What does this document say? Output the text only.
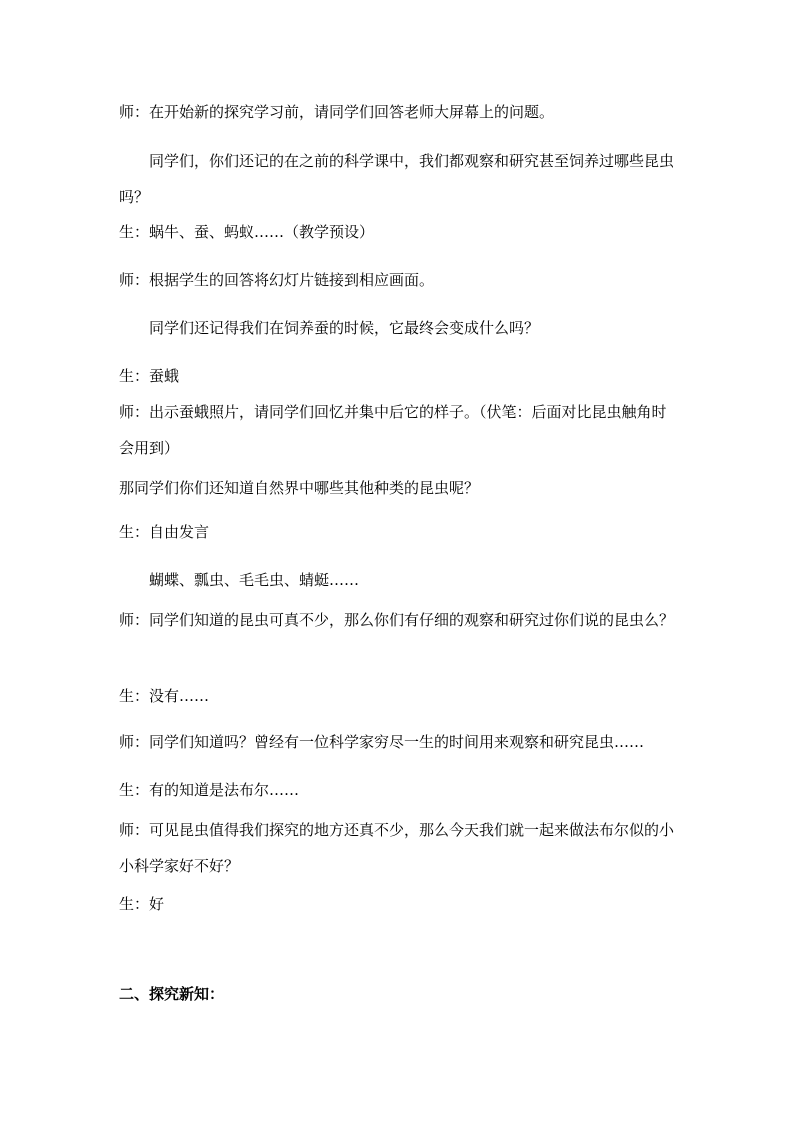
师：在开始新的探究学习前，请同学们回答老师大屏幕上的问题。

同学们，你们还记的在之前的科学课中，我们都观察和研究甚至饲养过哪些昆虫吗？

生：蜗牛、蚕、蚂蚁……（教学预设）

师：根据学生的回答将幻灯片链接到相应画面。

同学们还记得我们在饲养蚕的时候，它最终会变成什么吗？

生：蚕蛾

师：出示蚕蛾照片，请同学们回忆并集中后它的样子。（伏笔：后面对比昆虫触角时会用到）

那同学们你们还知道自然界中哪些其他种类的昆虫呢？

生：自由发言

蝴蝶、瓢虫、毛毛虫、蜻蜓……

师：同学们知道的昆虫可真不少，那么你们有仔细的观察和研究过你们说的昆虫么？

生：没有……

师：同学们知道吗？曾经有一位科学家穷尽一生的时间用来观察和研究昆虫……

生：有的知道是法布尔……

师：可见昆虫值得我们探究的地方还真不少，那么今天我们就一起来做法布尔似的小小科学家好不好？

生：好

二、探究新知：
